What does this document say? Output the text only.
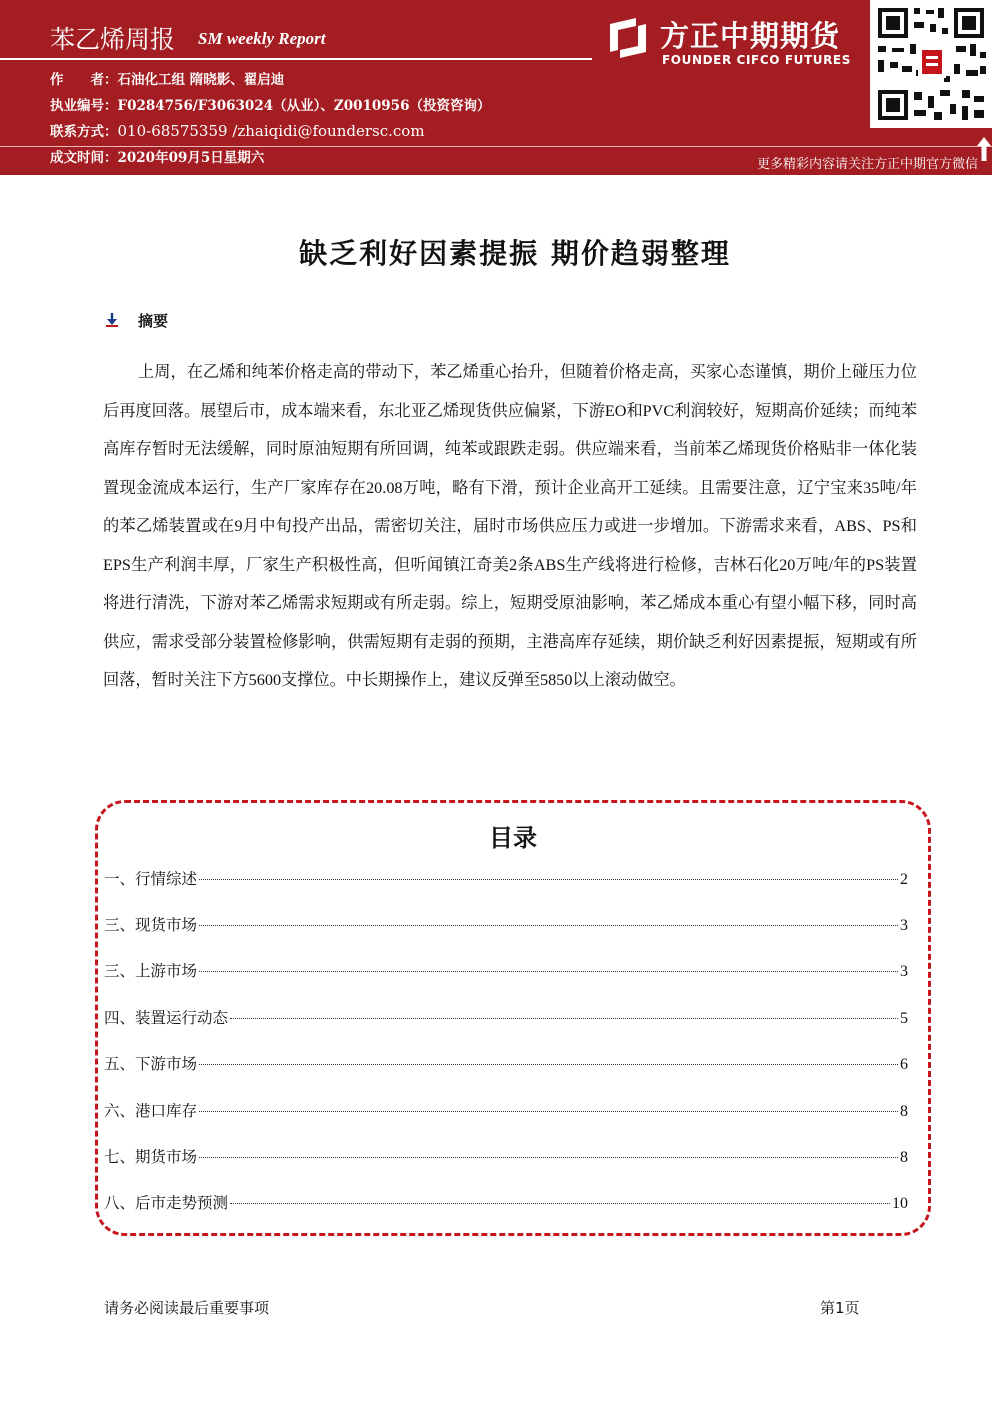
苯乙烯周报 SM weekly Report
作　　者：石油化工组 隋晓影、翟启迪
执业编号：F0284756/F3063024（从业）、Z0010956（投资咨询）
联系方式：010-68575359 /zhaiqidi@foundersc.com
成文时间：2020年09月5日星期六
方正中期期货
FOUNDER CIFCO FUTURES
更多精彩内容请关注方正中期官方微信
缺乏利好因素提振 期价趋弱整理
摘要
上周，在乙烯和纯苯价格走高的带动下，苯乙烯重心抬升，但随着价格走高，买家心态谨慎，期价上碰压力位后再度回落。展望后市，成本端来看，东北亚乙烯现货供应偏紧，下游EO和PVC利润较好，短期高价延续；而纯苯高库存暂时无法缓解，同时原油短期有所回调，纯苯或跟跌走弱。供应端来看，当前苯乙烯现货价格贴非一体化装置现金流成本运行，生产厂家库存在20.08万吨，略有下滑，预计企业高开工延续。且需要注意，辽宁宝来35吨/年的苯乙烯装置或在9月中旬投产出品，需密切关注，届时市场供应压力或进一步增加。下游需求来看，ABS、PS和EPS生产利润丰厚，厂家生产积极性高，但听闻镇江奇美2条ABS生产线将进行检修，吉林石化20万吨/年的PS装置将进行清洗，下游对苯乙烯需求短期或有所走弱。综上，短期受原油影响，苯乙烯成本重心有望小幅下移，同时高供应，需求受部分装置检修影响，供需短期有走弱的预期，主港高库存延续，期价缺乏利好因素提振，短期或有所回落，暂时关注下方5600支撑位。中长期操作上，建议反弹至5850以上滚动做空。
目录
一、行情综述	2
三、现货市场	3
三、上游市场	3
四、装置运行动态	5
五、下游市场	6
六、港口库存	8
七、期货市场	8
八、后市走势预测	10
请务必阅读最后重要事项	第1页
